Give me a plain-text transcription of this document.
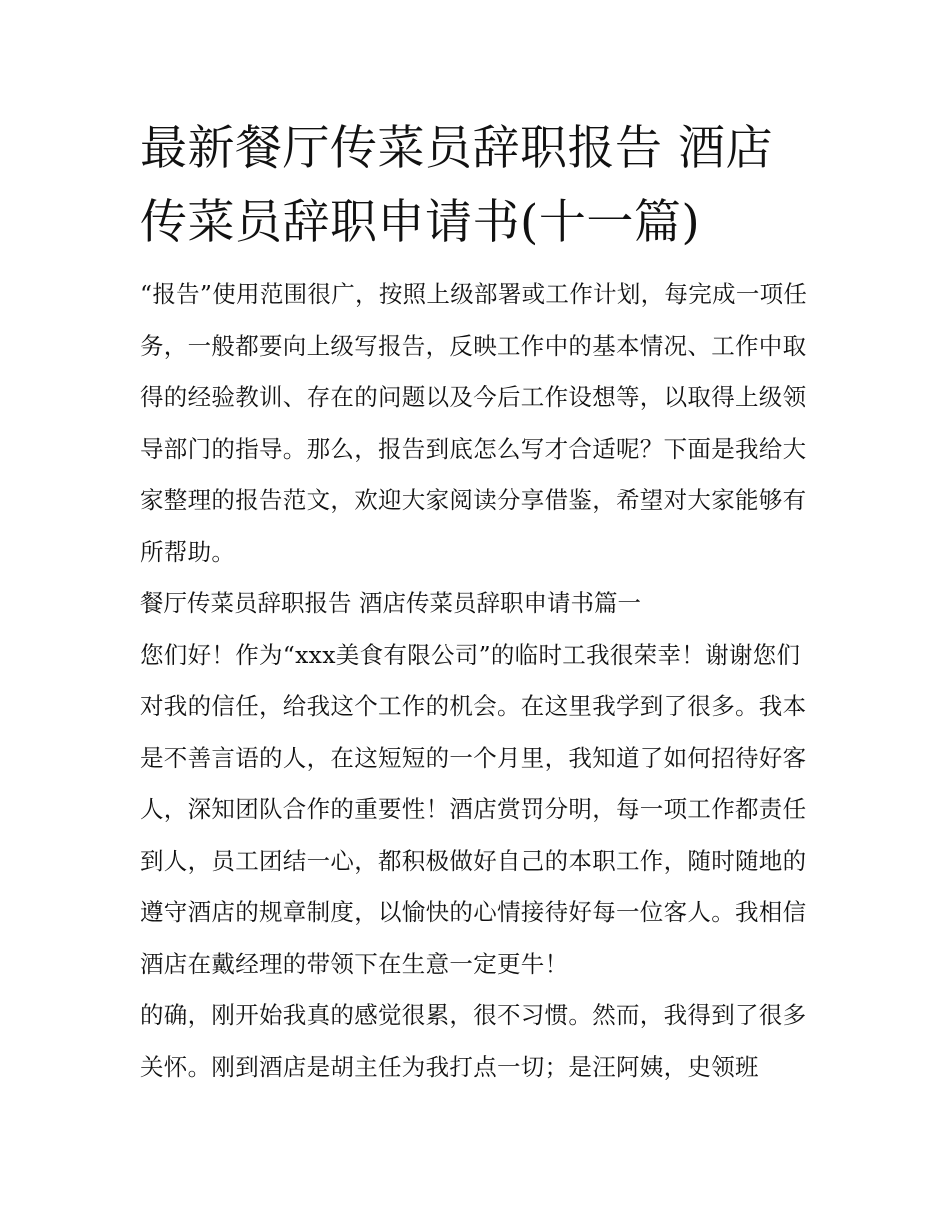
最新餐厅传菜员辞职报告 酒店传菜员辞职申请书(十一篇)

“报告”使用范围很广，按照上级部署或工作计划，每完成一项任务，一般都要向上级写报告，反映工作中的基本情况、工作中取得的经验教训、存在的问题以及今后工作设想等，以取得上级领导部门的指导。那么，报告到底怎么写才合适呢？下面是我给大家整理的报告范文，欢迎大家阅读分享借鉴，希望对大家能够有所帮助。

餐厅传菜员辞职报告 酒店传菜员辞职申请书篇一

您们好！作为“xxx美食有限公司”的临时工我很荣幸！谢谢您们对我的信任，给我这个工作的机会。在这里我学到了很多。我本是不善言语的人，在这短短的一个月里，我知道了如何招待好客人，深知团队合作的重要性！酒店赏罚分明，每一项工作都责任到人，员工团结一心，都积极做好自己的本职工作，随时随地的遵守酒店的规章制度，以愉快的心情接待好每一位客人。我相信酒店在戴经理的带领下在生意一定更牛！

的确，刚开始我真的感觉很累，很不习惯。然而，我得到了很多关怀。刚到酒店是胡主任为我打点一切；是汪阿姨，史领班
